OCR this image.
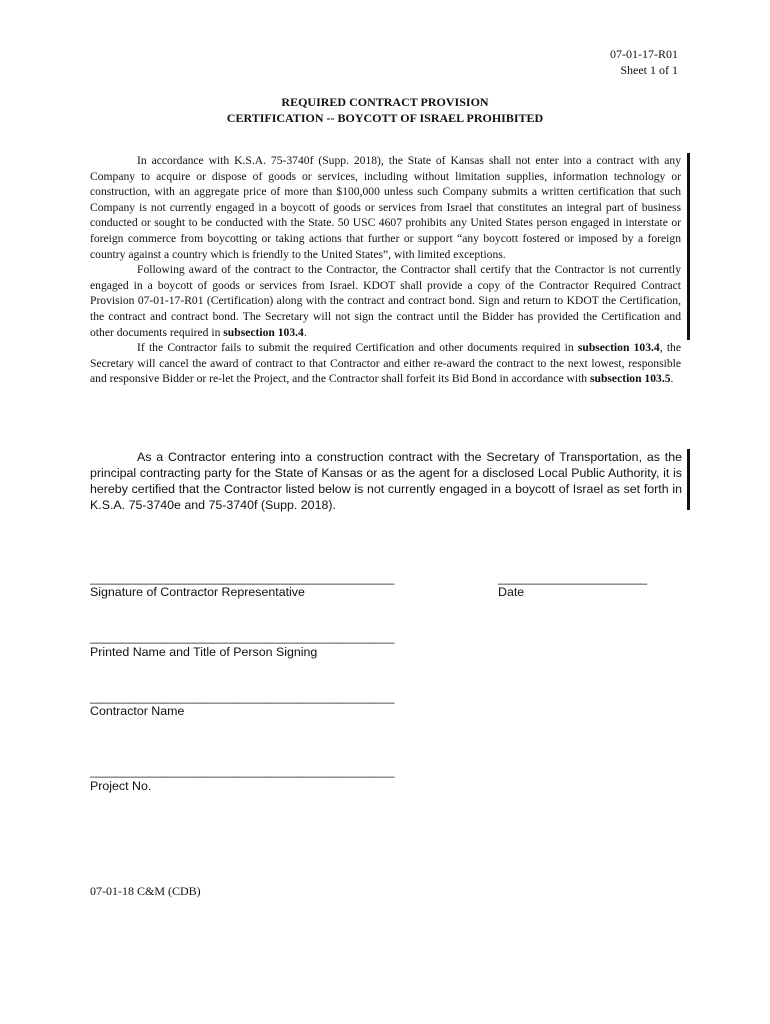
07-01-17-R01
Sheet 1 of 1
REQUIRED CONTRACT PROVISION
CERTIFICATION -- BOYCOTT OF ISRAEL PROHIBITED

In accordance with K.S.A. 75-3740f (Supp. 2018), the State of Kansas shall not enter into a contract with any Company to acquire or dispose of goods or services, including without limitation supplies, information technology or construction, with an aggregate price of more than $100,000 unless such Company submits a written certification that such Company is not currently engaged in a boycott of goods or services from Israel that constitutes an integral part of business conducted or sought to be conducted with the State. 50 USC 4607 prohibits any United States person engaged in interstate or foreign commerce from boycotting or taking actions that further or support “any boycott fostered or imposed by a foreign country against a country which is friendly to the United States”, with limited exceptions.

Following award of the contract to the Contractor, the Contractor shall certify that the Contractor is not currently engaged in a boycott of goods or services from Israel. KDOT shall provide a copy of the Contractor Required Contract Provision 07-01-17-R01 (Certification) along with the contract and contract bond. Sign and return to KDOT the Certification, the contract and contract bond. The Secretary will not sign the contract until the Bidder has provided the Certification and other documents required in subsection 103.4.

If the Contractor fails to submit the required Certification and other documents required in subsection 103.4, the Secretary will cancel the award of contract to that Contractor and either re-award the contract to the next lowest, responsible and responsive Bidder or re-let the Project, and the Contractor shall forfeit its Bid Bond in accordance with subsection 103.5.

As a Contractor entering into a construction contract with the Secretary of Transportation, as the principal contracting party for the State of Kansas or as the agent for a disclosed Local Public Authority, it is hereby certified that the Contractor listed below is not currently engaged in a boycott of Israel as set forth in K.S.A. 75-3740e and 75-3740f (Supp. 2018).
_______________________________________________
Signature of Contractor Representative
_______________________
Date
_______________________________________________
Printed Name and Title of Person Signing
_______________________________________________
Contractor Name
_______________________________________________
Project No.
07-01-18 C&M (CDB)
